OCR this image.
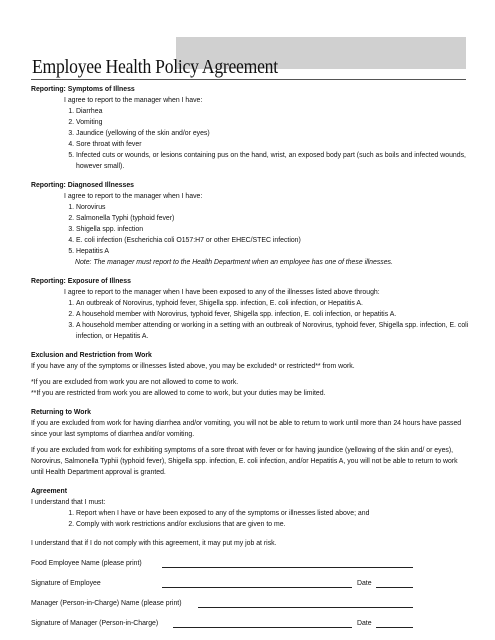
Employee Health Policy Agreement
Reporting: Symptoms of Illness
I agree to report to the manager when I have:
1. Diarrhea
2. Vomiting
3. Jaundice (yellowing of the skin and/or eyes)
4. Sore throat with fever
5. Infected cuts or wounds, or lesions containing pus on the hand, wrist, an exposed body part (such as boils and infected wounds, however small).
Reporting: Diagnosed Illnesses
I agree to report to the manager when I have:
1. Norovirus
2. Salmonella Typhi (typhoid fever)
3. Shigella spp. infection
4. E. coli infection (Escherichia coli O157:H7 or other EHEC/STEC infection)
5. Hepatitis A
Note: The manager must report to the Health Department when an employee has one of these illnesses.
Reporting: Exposure of Illness
I agree to report to the manager when I have been exposed to any of the illnesses listed above through:
1. An outbreak of Norovirus, typhoid fever, Shigella spp. infection, E. coli infection, or Hepatitis A.
2. A household member with Norovirus, typhoid fever, Shigella spp. infection, E. coli infection, or hepatitis A.
3. A household member attending or working in a setting with an outbreak of Norovirus, typhoid fever, Shigella spp. infection, E. coli infection, or Hepatitis A.
Exclusion and Restriction from Work
If you have any of the symptoms or illnesses listed above, you may be excluded* or restricted** from work.
*If you are excluded from work you are not allowed to come to work.
**If you are restricted from work you are allowed to come to work, but your duties may be limited.
Returning to Work
If you are excluded from work for having diarrhea and/or vomiting, you will not be able to return to work until more than 24 hours have passed since your last symptoms of diarrhea and/or vomiting.
If you are excluded from work for exhibiting symptoms of a sore throat with fever or for having jaundice (yellowing of the skin and/ or eyes), Norovirus, Salmonella Typhii (typhoid fever), Shigella spp. infection, E. coli infection, and/or Hepatitis A, you will not be able to return to work until Health Department approval is granted.
Agreement
I understand that I must:
1. Report when I have or have been exposed to any of the symptoms or illnesses listed above; and
2. Comply with work restrictions and/or exclusions that are given to me.
I understand that if I do not comply with this agreement, it may put my job at risk.
Food Employee Name (please print)
Signature of Employee	Date
Manager (Person-in-Charge) Name (please print)
Signature of Manager (Person-in-Charge)	Date
